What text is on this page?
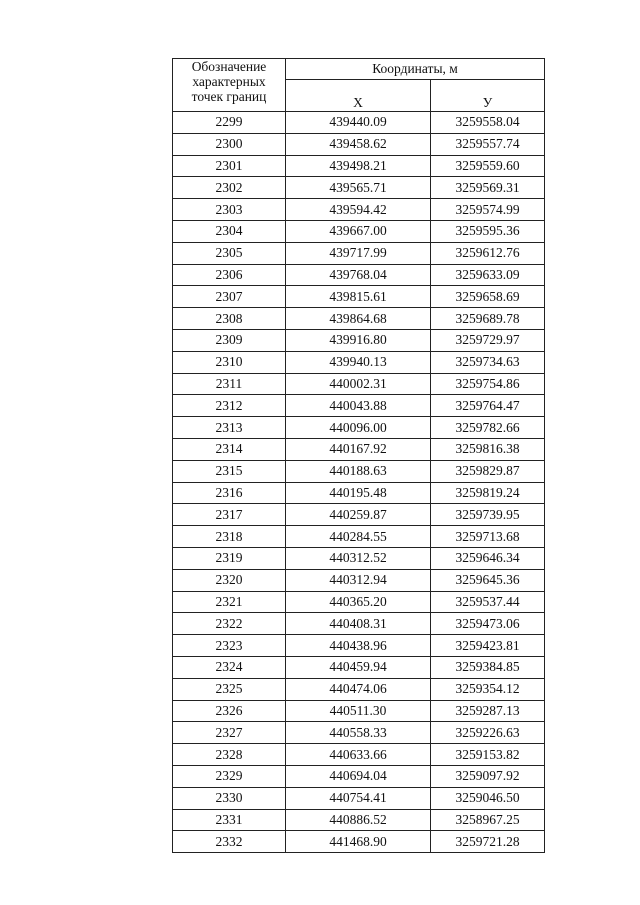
Обозначение
характерных
точек границ	Координаты, м	
	X	У
2299	439440.09	3259558.04
2300	439458.62	3259557.74
2301	439498.21	3259559.60
2302	439565.71	3259569.31
2303	439594.42	3259574.99
2304	439667.00	3259595.36
2305	439717.99	3259612.76
2306	439768.04	3259633.09
2307	439815.61	3259658.69
2308	439864.68	3259689.78
2309	439916.80	3259729.97
2310	439940.13	3259734.63
2311	440002.31	3259754.86
2312	440043.88	3259764.47
2313	440096.00	3259782.66
2314	440167.92	3259816.38
2315	440188.63	3259829.87
2316	440195.48	3259819.24
2317	440259.87	3259739.95
2318	440284.55	3259713.68
2319	440312.52	3259646.34
2320	440312.94	3259645.36
2321	440365.20	3259537.44
2322	440408.31	3259473.06
2323	440438.96	3259423.81
2324	440459.94	3259384.85
2325	440474.06	3259354.12
2326	440511.30	3259287.13
2327	440558.33	3259226.63
2328	440633.66	3259153.82
2329	440694.04	3259097.92
2330	440754.41	3259046.50
2331	440886.52	3258967.25
2332	441468.90	3259721.28
